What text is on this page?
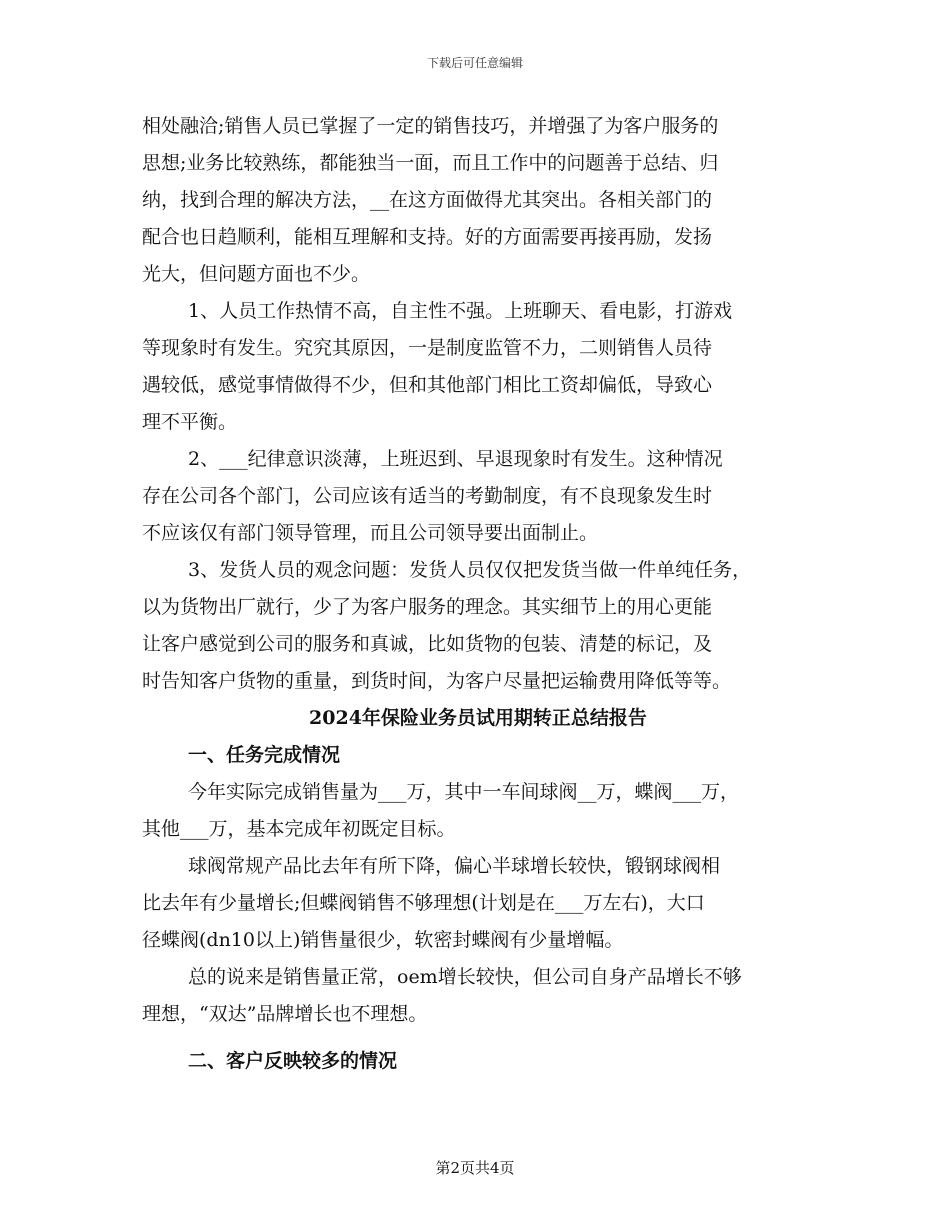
下载后可任意编辑
相处融洽;销售人员已掌握了一定的销售技巧，并增强了为客户服务的
思想;业务比较熟练，都能独当一面，而且工作中的问题善于总结、归
纳，找到合理的解决方法，__在这方面做得尤其突出。各相关部门的
配合也日趋顺利，能相互理解和支持。好的方面需要再接再励，发扬
光大，但问题方面也不少。
1、人员工作热情不高，自主性不强。上班聊天、看电影，打游戏
等现象时有发生。究究其原因，一是制度监管不力，二则销售人员待
遇较低，感觉事情做得不少，但和其他部门相比工资却偏低，导致心
理不平衡。
2、___纪律意识淡薄，上班迟到、早退现象时有发生。这种情况
存在公司各个部门，公司应该有适当的考勤制度，有不良现象发生时
不应该仅有部门领导管理，而且公司领导要出面制止。
3、发货人员的观念问题：发货人员仅仅把发货当做一件单纯任务，
以为货物出厂就行，少了为客户服务的理念。其实细节上的用心更能
让客户感觉到公司的服务和真诚，比如货物的包装、清楚的标记，及
时告知客户货物的重量，到货时间，为客户尽量把运输费用降低等等。
2024年保险业务员试用期转正总结报告
一、任务完成情况
今年实际完成销售量为___万，其中一车间球阀__万，蝶阀___万，
其他___万，基本完成年初既定目标。
球阀常规产品比去年有所下降，偏心半球增长较快，锻钢球阀相
比去年有少量增长;但蝶阀销售不够理想(计划是在___万左右)，大口
径蝶阀(dn10以上)销售量很少，软密封蝶阀有少量增幅。
总的说来是销售量正常，oem增长较快，但公司自身产品增长不够
理想，“双达”品牌增长也不理想。
二、客户反映较多的情况
第2页共4页
